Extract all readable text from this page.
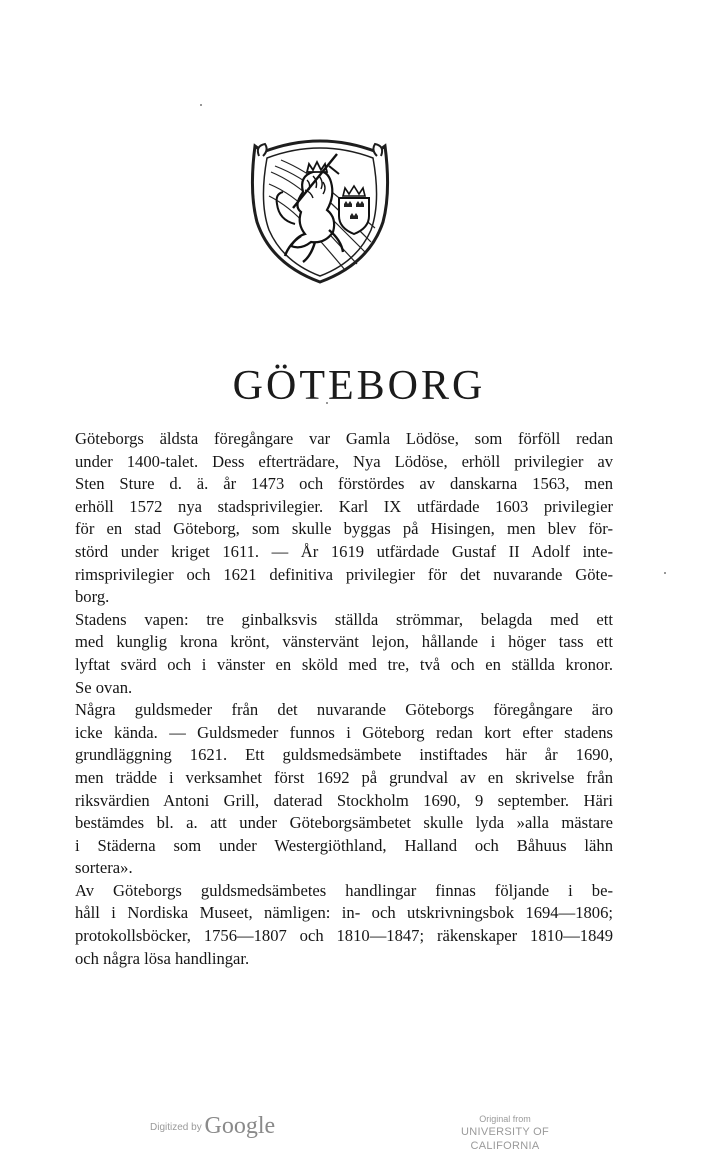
GÖTEBORG

Göteborgs äldsta föregångare var Gamla Lödöse, som förföll redan
under 1400-talet. Dess efterträdare, Nya Lödöse, erhöll privilegier av
Sten Sture d. ä. år 1473 och förstördes av danskarna 1563, men
erhöll 1572 nya stadsprivilegier. Karl IX utfärdade 1603 privilegier
för en stad Göteborg, som skulle byggas på Hisingen, men blev för-
störd under kriget 1611. — År 1619 utfärdade Gustaf II Adolf inte-
rimsprivilegier och 1621 definitiva privilegier för det nuvarande Göte-
borg.

Stadens vapen: tre ginbalksvis ställda strömmar, belagda med ett
med kunglig krona krönt, vänstervänt lejon, hållande i höger tass ett
lyftat svärd och i vänster en sköld med tre, två och en ställda kronor.
Se ovan.

Några guldsmeder från det nuvarande Göteborgs föregångare äro
icke kända. — Guldsmeder funnos i Göteborg redan kort efter stadens
grundläggning 1621. Ett guldsmedsämbete instiftades här år 1690,
men trädde i verksamhet först 1692 på grundval av en skrivelse från
riksvärdien Antoni Grill, daterad Stockholm 1690, 9 september. Häri
bestämdes bl. a. att under Göteborgsämbetet skulle lyda »alla mästare
i Städerna som under Westergiöthland, Halland och Båhuus lähn
sortera».

Av Göteborgs guldsmedsämbetes handlingar finnas följande i be-
håll i Nordiska Museet, nämligen: in- och utskrivningsbok 1694—1806;
protokollsböcker, 1756—1807 och 1810—1847; räkenskaper 1810—1849
och några lösa handlingar.

Digitized by Google	Original from
UNIVERSITY OF CALIFORNIA
